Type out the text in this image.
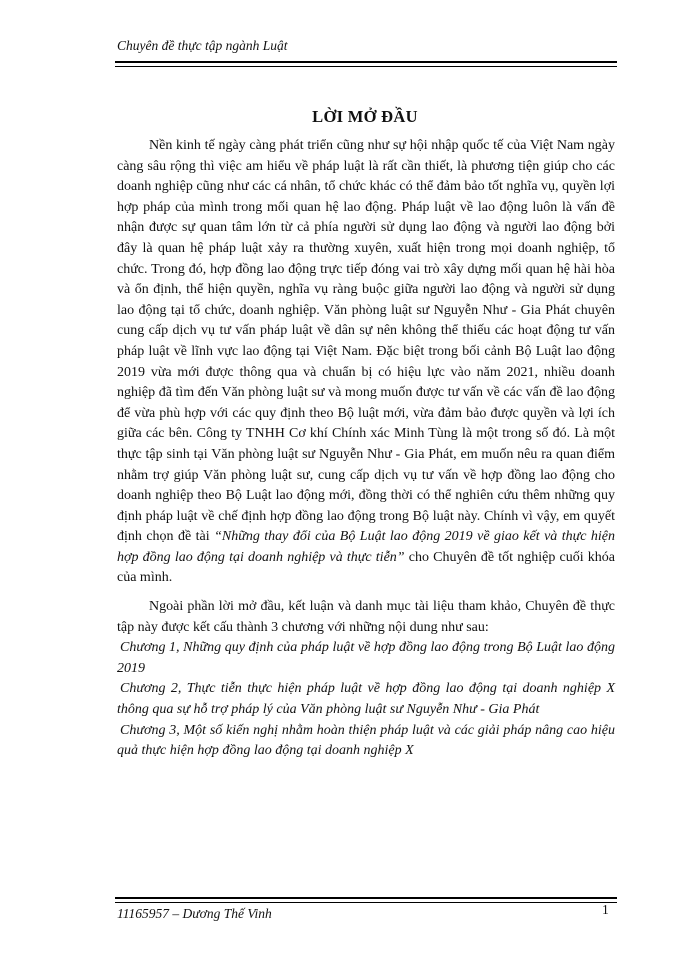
Chuyên đề thực tập ngành Luật
LỜI MỞ ĐẦU

Nền kinh tế ngày càng phát triển cũng như sự hội nhập quốc tế của Việt Nam ngày càng sâu rộng thì việc am hiểu về pháp luật là rất cần thiết, là phương tiện giúp cho các doanh nghiệp cũng như các cá nhân, tổ chức khác có thể đảm bảo tốt nghĩa vụ, quyền lợi hợp pháp của mình trong mối quan hệ lao động. Pháp luật về lao động luôn là vấn đề nhận được sự quan tâm lớn từ cả phía người sử dụng lao động và người lao động bởi đây là quan hệ pháp luật xảy ra thường xuyên, xuất hiện trong mọi doanh nghiệp, tổ chức. Trong đó, hợp đồng lao động trực tiếp đóng vai trò xây dựng mối quan hệ hài hòa và ổn định, thể hiện quyền, nghĩa vụ ràng buộc giữa người lao động và người sử dụng lao động tại tổ chức, doanh nghiệp. Văn phòng luật sư Nguyễn Như - Gia Phát chuyên cung cấp dịch vụ tư vấn pháp luật về dân sự nên không thể thiếu các hoạt động tư vấn pháp luật về lĩnh vực lao động tại Việt Nam. Đặc biệt trong bối cảnh Bộ Luật lao động 2019 vừa mới được thông qua và chuẩn bị có hiệu lực vào năm 2021, nhiều doanh nghiệp đã tìm đến Văn phòng luật sư và mong muốn được tư vấn về các vấn đề lao động để vừa phù hợp với các quy định theo Bộ luật mới, vừa đảm bảo được quyền và lợi ích giữa các bên. Công ty TNHH Cơ khí Chính xác Minh Tùng là một trong số đó. Là một thực tập sinh tại Văn phòng luật sư Nguyễn Như - Gia Phát, em muốn nêu ra quan điểm nhằm trợ giúp Văn phòng luật sư, cung cấp dịch vụ tư vấn về hợp đồng lao động cho doanh nghiệp theo Bộ Luật lao động mới, đồng thời có thể nghiên cứu thêm những quy định pháp luật về chế định hợp đồng lao động trong Bộ luật này. Chính vì vậy, em quyết định chọn đề tài “Những thay đổi của Bộ Luật lao động 2019 về giao kết và thực hiện hợp đồng lao động tại doanh nghiệp và thực tiễn” cho Chuyên đề tốt nghiệp cuối khóa của mình.

Ngoài phần lời mở đầu, kết luận và danh mục tài liệu tham khảo, Chuyên đề thực tập này được kết cấu thành 3 chương với những nội dung như sau:

Chương 1, Những quy định của pháp luật về hợp đồng lao động trong Bộ Luật lao động 2019

Chương 2, Thực tiễn thực hiện pháp luật về hợp đồng lao động tại doanh nghiệp X thông qua sự hỗ trợ pháp lý của Văn phòng luật sư Nguyễn Như - Gia Phát

Chương 3, Một số kiến nghị nhằm hoàn thiện pháp luật và các giải pháp nâng cao hiệu quả thực hiện hợp đồng lao động tại doanh nghiệp X

11165957 – Dương Thế Vinh	1
